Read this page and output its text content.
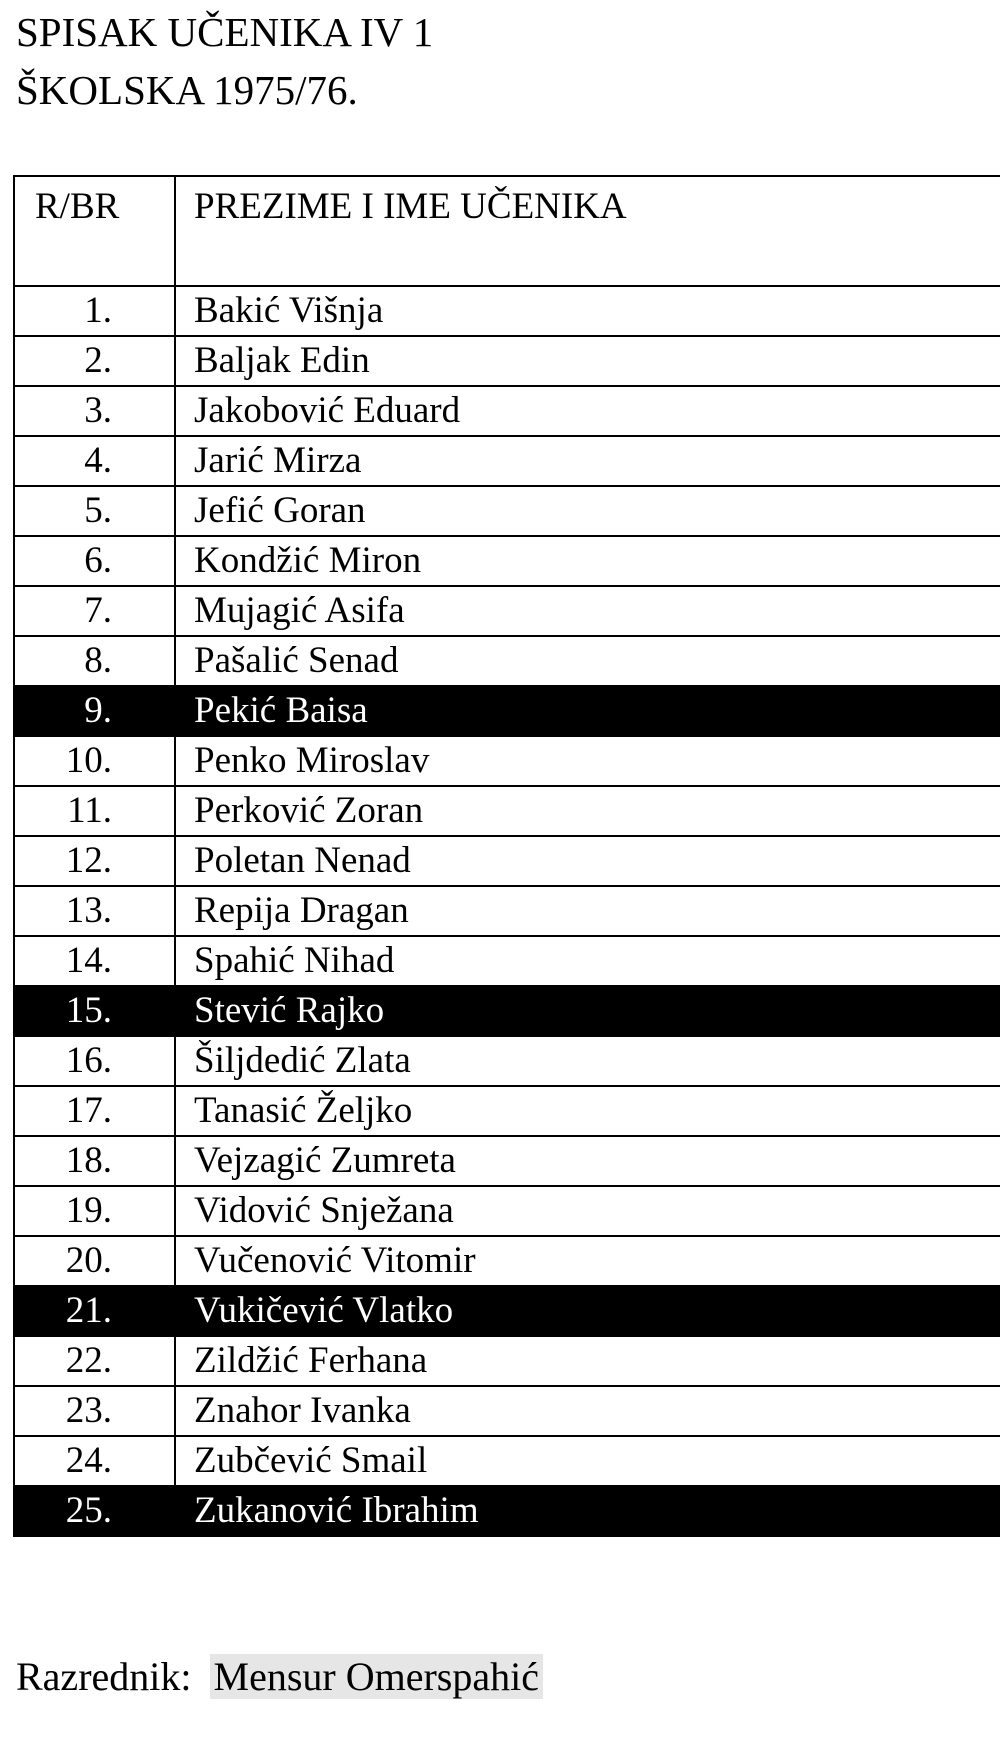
SPISAK UČENIKA IV 1
ŠKOLSKA 1975/76.
R/BR	PREZIME I IME UČENIKA
1.	Bakić Višnja
2.	Baljak Edin
3.	Jakobović Eduard
4.	Jarić Mirza
5.	Jefić Goran
6.	Kondžić Miron
7.	Mujagić Asifa
8.	Pašalić Senad
9.	Pekić Baisa
10.	Penko Miroslav
11.	Perković Zoran
12.	Poletan Nenad
13.	Repija Dragan
14.	Spahić Nihad
15.	Stević Rajko
16.	Šiljdedić Zlata
17.	Tanasić Željko
18.	Vejzagić Zumreta
19.	Vidović Snježana
20.	Vučenović Vitomir
21.	Vukičević Vlatko
22.	Zildžić Ferhana
23.	Znahor Ivanka
24.	Zubčević Smail
25.	Zukanović Ibrahim
Razrednik: Mensur Omerspahić
